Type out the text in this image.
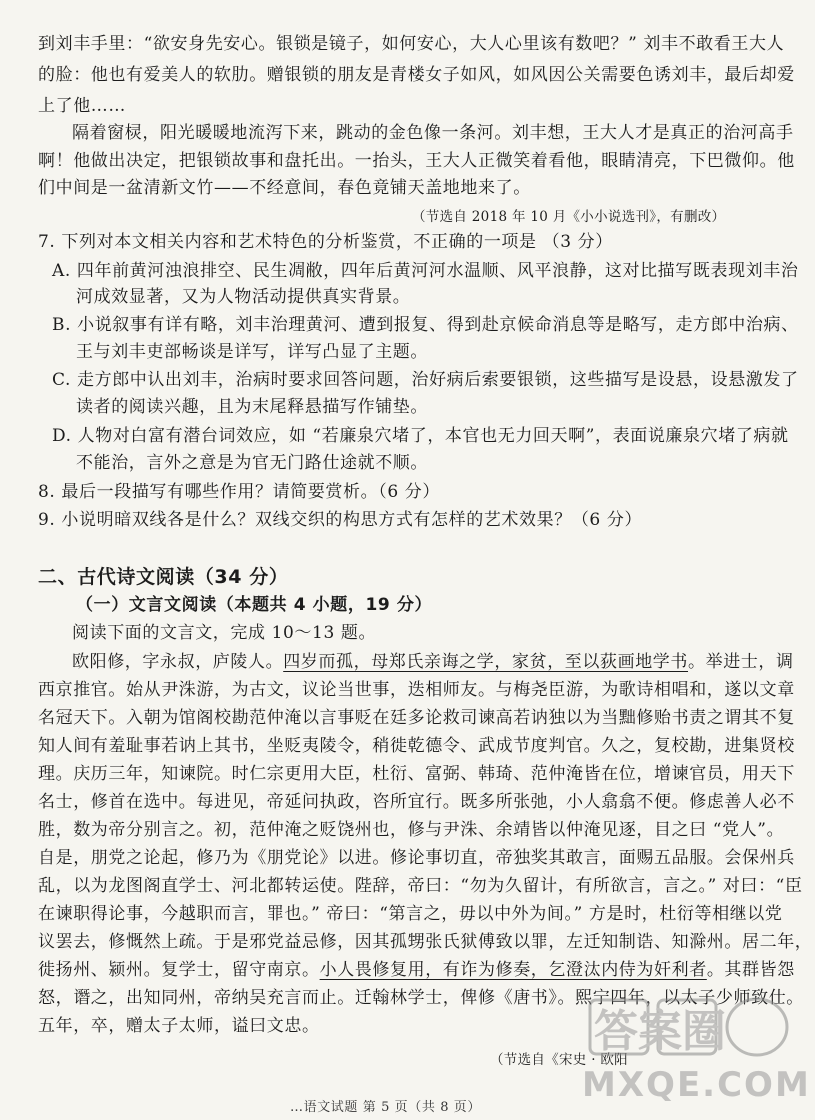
到刘丰手里：“欲安身先安心。银锁是镜子，如何安心，大人心里该有数吧？” 刘丰不敢看王大人
的脸：他也有爱美人的软肋。赠银锁的朋友是青楼女子如风，如风因公关需要色诱刘丰，最后却爱
上了他……
隔着窗棂，阳光暖暖地流泻下来，跳动的金色像一条河。刘丰想，王大人才是真正的治河高手
啊！他做出决定，把银锁故事和盘托出。一抬头，王大人正微笑着看他，眼睛清亮，下巴微仰。他
们中间是一盆清新文竹——不经意间，春色竟铺天盖地地来了。
（节选自 2018 年 10 月《小小说选刊》，有删改）
7. 下列对本文相关内容和艺术特色的分析鉴赏，不正确的一项是 （3 分）
A. 四年前黄河浊浪排空、民生凋敝，四年后黄河河水温顺、风平浪静，这对比描写既表现刘丰治
河成效显著，又为人物活动提供真实背景。
B. 小说叙事有详有略，刘丰治理黄河、遭到报复、得到赴京候命消息等是略写，走方郎中治病、
王与刘丰吏部畅谈是详写，详写凸显了主题。
C. 走方郎中认出刘丰，治病时要求回答问题，治好病后索要银锁，这些描写是设悬，设悬激发了
读者的阅读兴趣，且为末尾释悬描写作铺垫。
D. 人物对白富有潜台词效应，如 “若廉泉穴堵了，本官也无力回天啊”，表面说廉泉穴堵了病就
不能治，言外之意是为官无门路仕途就不顺。
8. 最后一段描写有哪些作用？请简要赏析。（6 分）
9. 小说明暗双线各是什么？双线交织的构思方式有怎样的艺术效果？（6 分）
二、古代诗文阅读（34 分）
（一）文言文阅读（本题共 4 小题，19 分）
阅读下面的文言文，完成 10～13 题。
欧阳修，字永叔，庐陵人。四岁而孤，母郑氏亲诲之学，家贫，至以荻画地学书。举进士，调
西京推官。始从尹洙游，为古文，议论当世事，迭相师友。与梅尧臣游，为歌诗相唱和，遂以文章
名冠天下。入朝为馆阁校勘范仲淹以言事贬在廷多论救司谏高若讷独以为当黜修贻书责之谓其不复
知人间有羞耻事若讷上其书，坐贬夷陵令，稍徙乾德令、武成节度判官。久之，复校勘，进集贤校
理。庆历三年，知谏院。时仁宗更用大臣，杜衍、富弼、韩琦、范仲淹皆在位，增谏官员，用天下
名士，修首在选中。每进见，帝延问执政，咨所宜行。既多所张弛，小人翕翕不便。修虑善人必不
胜，数为帝分别言之。初，范仲淹之贬饶州也，修与尹洙、余靖皆以仲淹见逐，目之曰 “党人”。
自是，朋党之论起，修乃为《朋党论》以进。修论事切直，帝独奖其敢言，面赐五品服。会保州兵
乱，以为龙图阁直学士、河北都转运使。陛辞，帝曰：“勿为久留计，有所欲言，言之。” 对曰：“臣
在谏职得论事，今越职而言，罪也。” 帝曰：“第言之，毋以中外为间。” 方是时，杜衍等相继以党
议罢去，修慨然上疏。于是邪党益忌修，因其孤甥张氏狱傅致以罪，左迁知制诰、知滁州。居二年，
徙扬州、颍州。复学士，留守南京。小人畏修复用，有诈为修奏，乞澄汰内侍为奸利者。其群皆怨
怒，谮之，出知同州，帝纳吴充言而止。迁翰林学士，俾修《唐书》。熙宁四年，以太子少师致仕。
五年，卒，赠太子太师，谥曰文忠。
（节选自《宋史 · 欧阳
…语文试题 第 5 页（共 8 页）
答案圈
MXQE.COM
